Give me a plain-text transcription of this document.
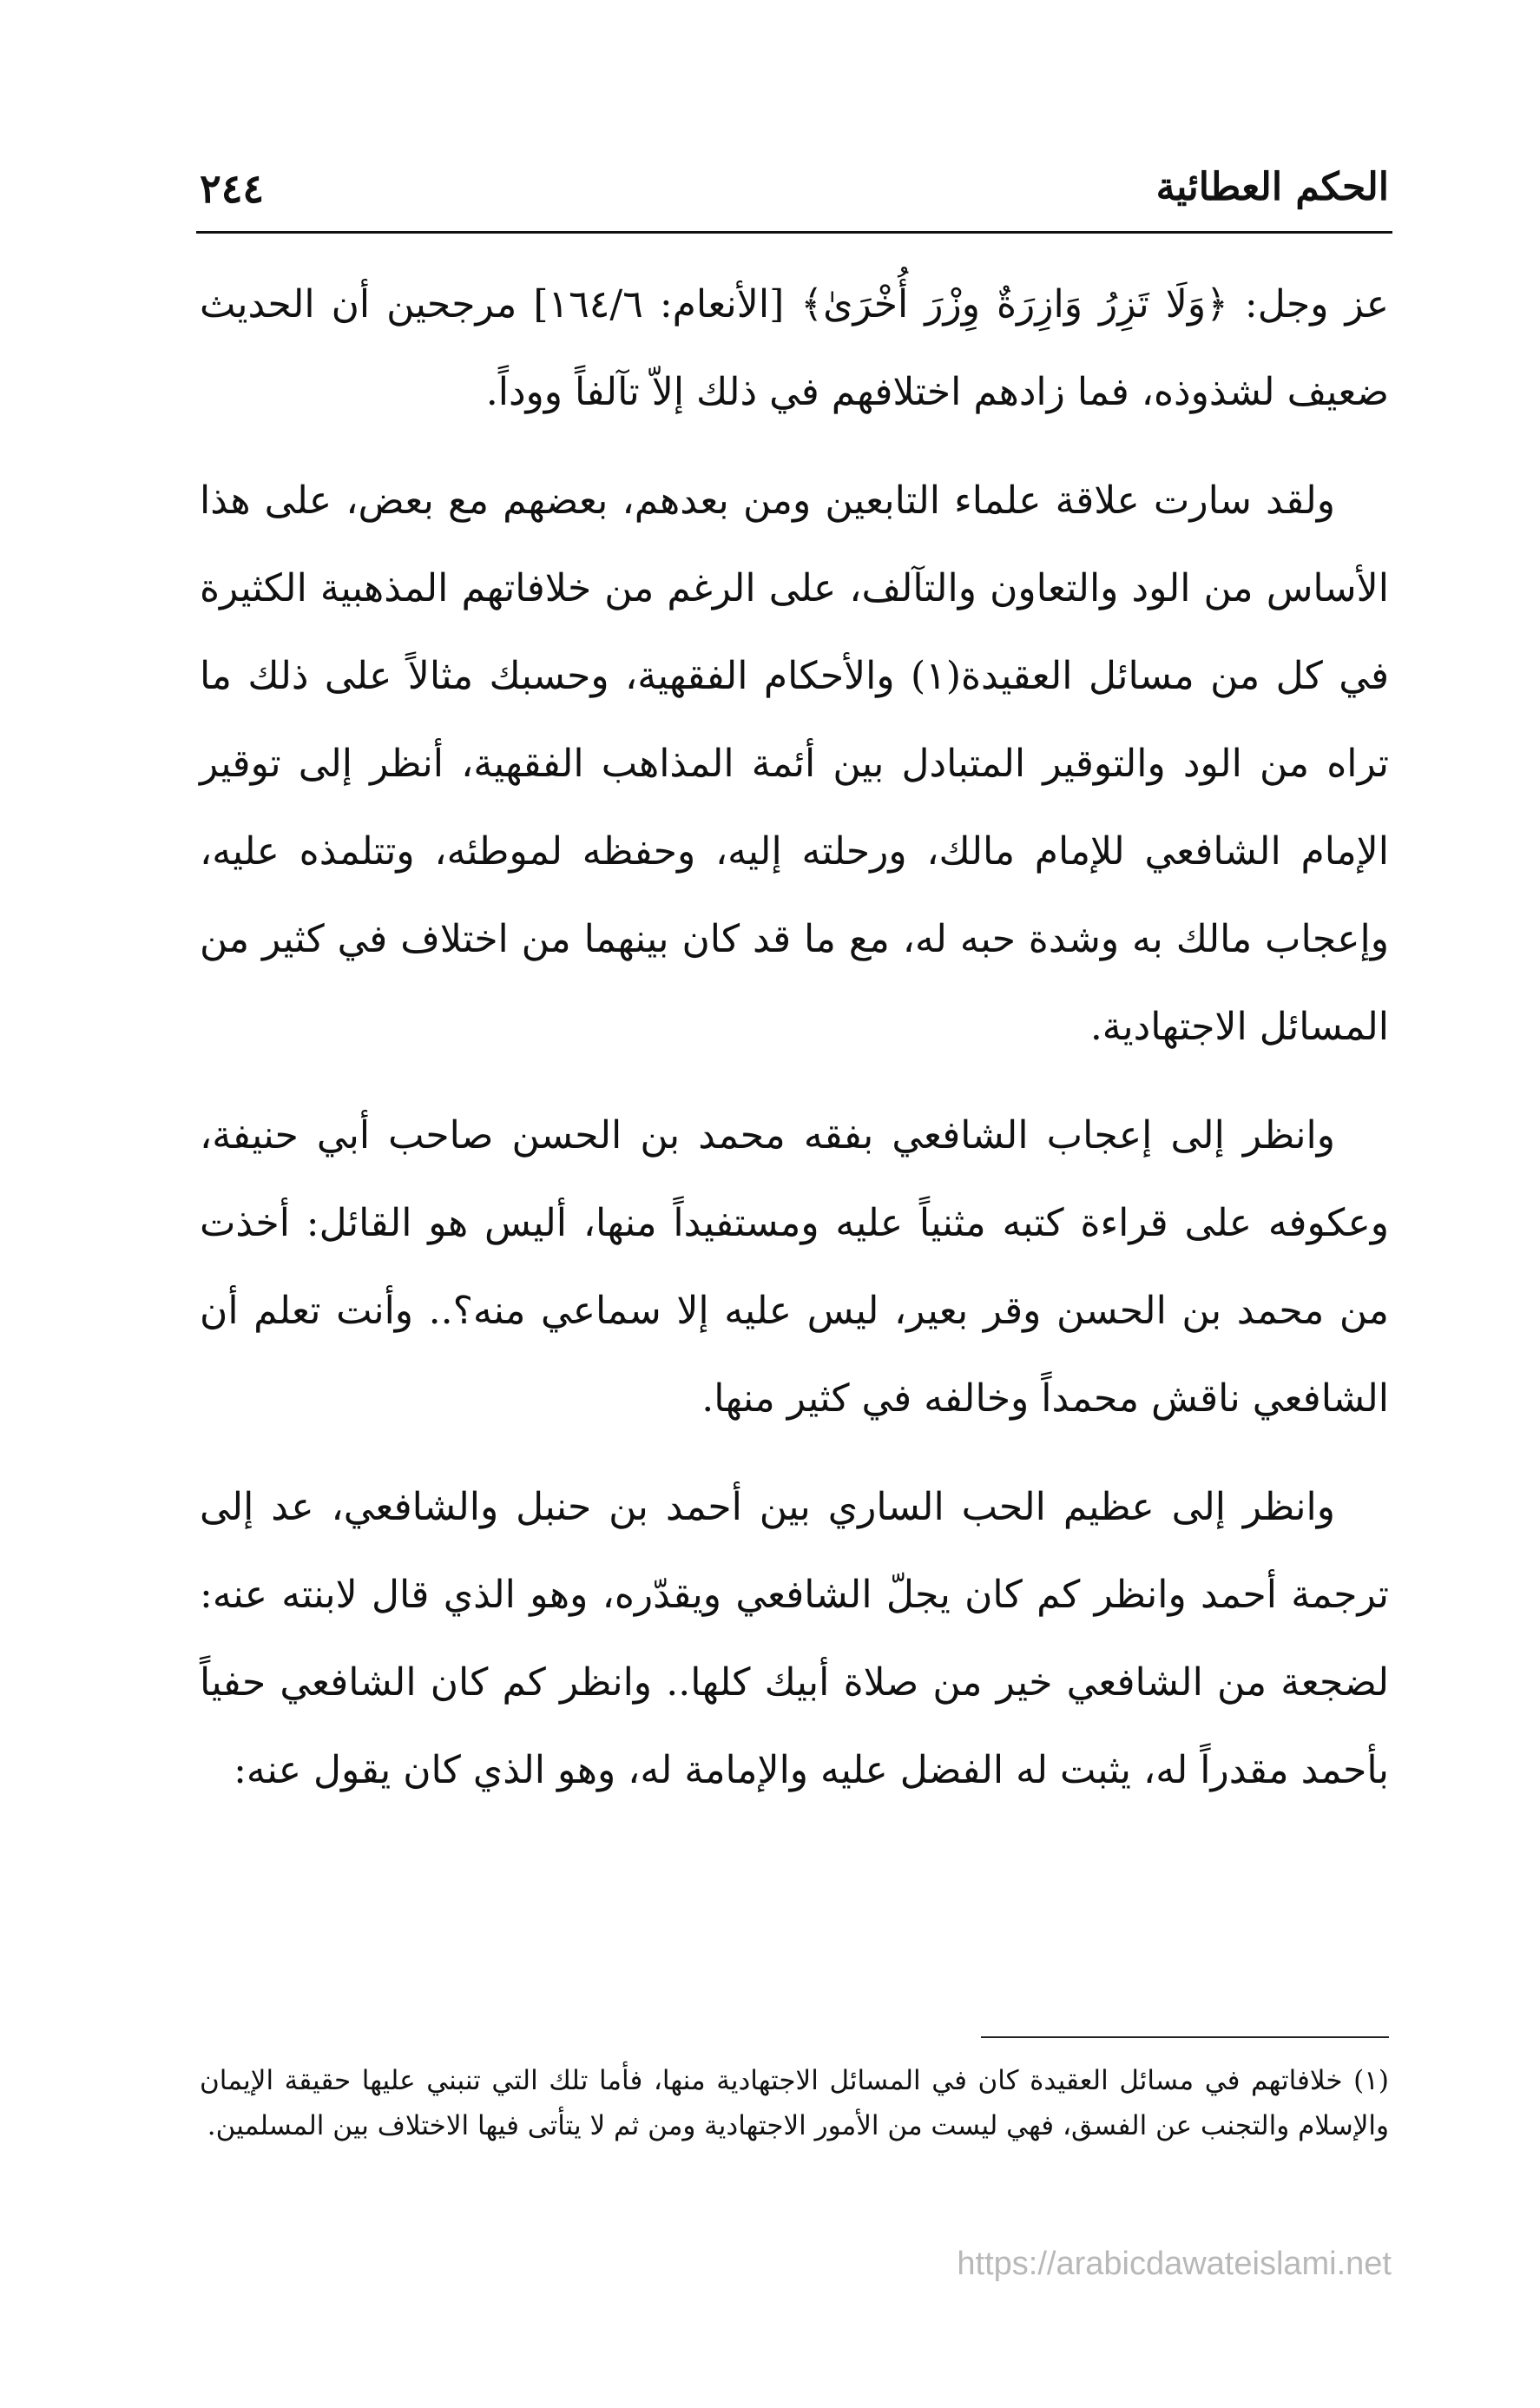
الحكم العطائية
٢٤٤

عز وجل: ﴿وَلَا تَزِرُ وَازِرَةٌ وِزْرَ أُخْرَىٰ﴾ [الأنعام: ١٦٤/٦] مرجحين أن الحديث ضعيف لشذوذه، فما زادهم اختلافهم في ذلك إلاّ تآلفاً ووداً.

ولقد سارت علاقة علماء التابعين ومن بعدهم، بعضهم مع بعض، على هذا الأساس من الود والتعاون والتآلف، على الرغم من خلافاتهم المذهبية الكثيرة في كل من مسائل العقيدة(١) والأحكام الفقهية، وحسبك مثالاً على ذلك ما تراه من الود والتوقير المتبادل بين أئمة المذاهب الفقهية، أنظر إلى توقير الإمام الشافعي للإمام مالك، ورحلته إليه، وحفظه لموطئه، وتتلمذه عليه، وإعجاب مالك به وشدة حبه له، مع ما قد كان بينهما من اختلاف في كثير من المسائل الاجتهادية.

وانظر إلى إعجاب الشافعي بفقه محمد بن الحسن صاحب أبي حنيفة، وعكوفه على قراءة كتبه مثنياً عليه ومستفيداً منها، أليس هو القائل: أخذت من محمد بن الحسن وقر بعير، ليس عليه إلا سماعي منه؟.. وأنت تعلم أن الشافعي ناقش محمداً وخالفه في كثير منها.

وانظر إلى عظيم الحب الساري بين أحمد بن حنبل والشافعي، عد إلى ترجمة أحمد وانظر كم كان يجلّ الشافعي ويقدّره، وهو الذي قال لابنته عنه: لضجعة من الشافعي خير من صلاة أبيك كلها.. وانظر كم كان الشافعي حفياً بأحمد مقدراً له، يثبت له الفضل عليه والإمامة له، وهو الذي كان يقول عنه:

(١) خلافاتهم في مسائل العقيدة كان في المسائل الاجتهادية منها، فأما تلك التي تنبني عليها حقيقة الإيمان والإسلام والتجنب عن الفسق، فهي ليست من الأمور الاجتهادية ومن ثم لا يتأتى فيها الاختلاف بين المسلمين.

https://arabicdawateislami.net
